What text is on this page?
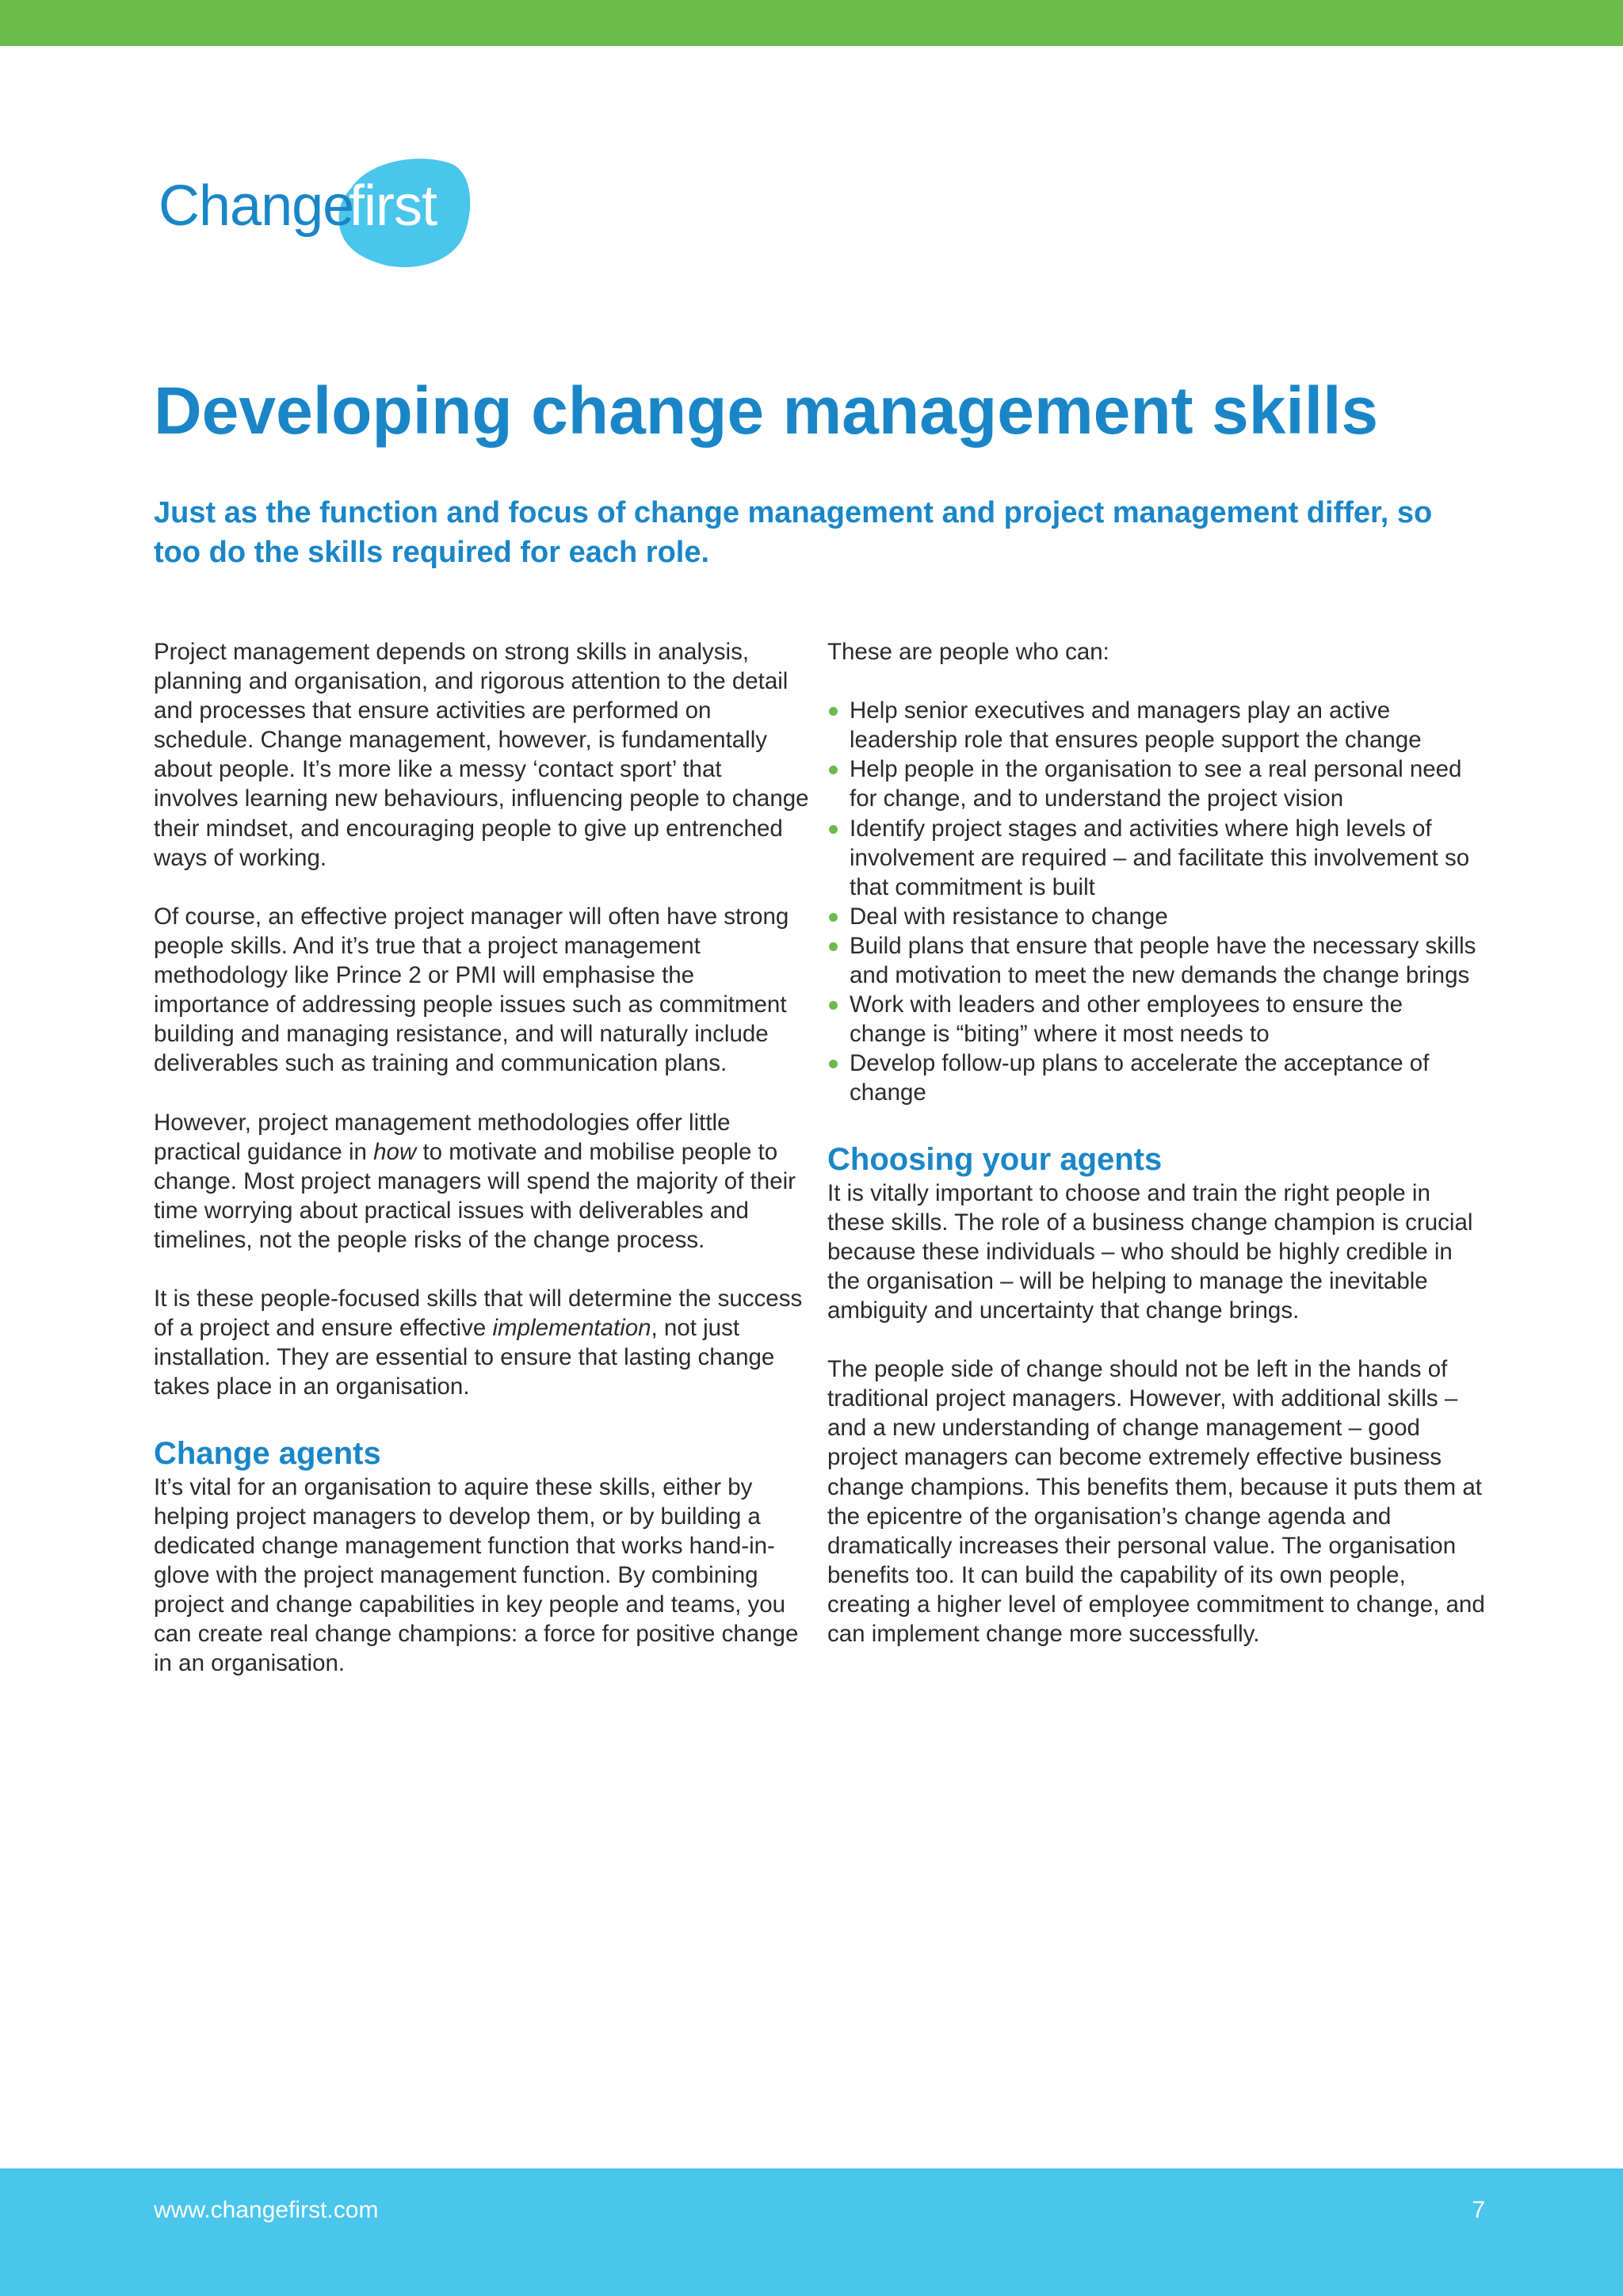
Change
first
Developing change management skills

Just as the function and focus of change management and project management differ, so too do the skills required for each role.

Project management depends on strong skills in analysis, planning and organisation, and rigorous attention to the detail and processes that ensure activities are performed on schedule. Change management, however, is fundamentally about people. It’s more like a messy ‘contact sport’ that involves learning new behaviours, influencing people to change their mindset, and encouraging people to give up entrenched ways of working.

Of course, an effective project manager will often have strong people skills. And it’s true that a project management methodology like Prince 2 or PMI will emphasise the importance of addressing people issues such as commitment building and managing resistance, and will naturally include deliverables such as training and communication plans.

However, project management methodologies offer little practical guidance in how to motivate and mobilise people to change. Most project managers will spend the majority of their time worrying about practical issues with deliverables and timelines, not the people risks of the change process.

It is these people-focused skills that will determine the success of a project and ensure effective implementation, not just installation. They are essential to ensure that lasting change takes place in an organisation.

Change agents

It’s vital for an organisation to aquire these skills, either by helping project managers to develop them, or by building a dedicated change management function that works hand-in-glove with the project management function. By combining project and change capabilities in key people and teams, you can create real change champions: a force for positive change in an organisation.

These are people who can:

Help senior executives and managers play an active leadership role that ensures people support the change
Help people in the organisation to see a real personal need for change, and to understand the project vision
Identify project stages and activities where high levels of involvement are required – and facilitate this involvement so that commitment is built
Deal with resistance to change
Build plans that ensure that people have the necessary skills and motivation to meet the new demands the change brings
Work with leaders and other employees to ensure the change is “biting” where it most needs to
Develop follow-up plans to accelerate the acceptance of change
Choosing your agents

It is vitally important to choose and train the right people in these skills. The role of a business change champion is crucial because these individuals – who should be highly credible in the organisation – will be helping to manage the inevitable ambiguity and uncertainty that change brings.

The people side of change should not be left in the hands of traditional project managers. However, with additional skills – and a new understanding of change management – good project managers can become extremely effective business change champions. This benefits them, because it puts them at the epicentre of the organisation’s change agenda and dramatically increases their personal value. The organisation benefits too. It can build the capability of its own people, creating a higher level of employee commitment to change, and can implement change more successfully.

www.changefirst.com	7
